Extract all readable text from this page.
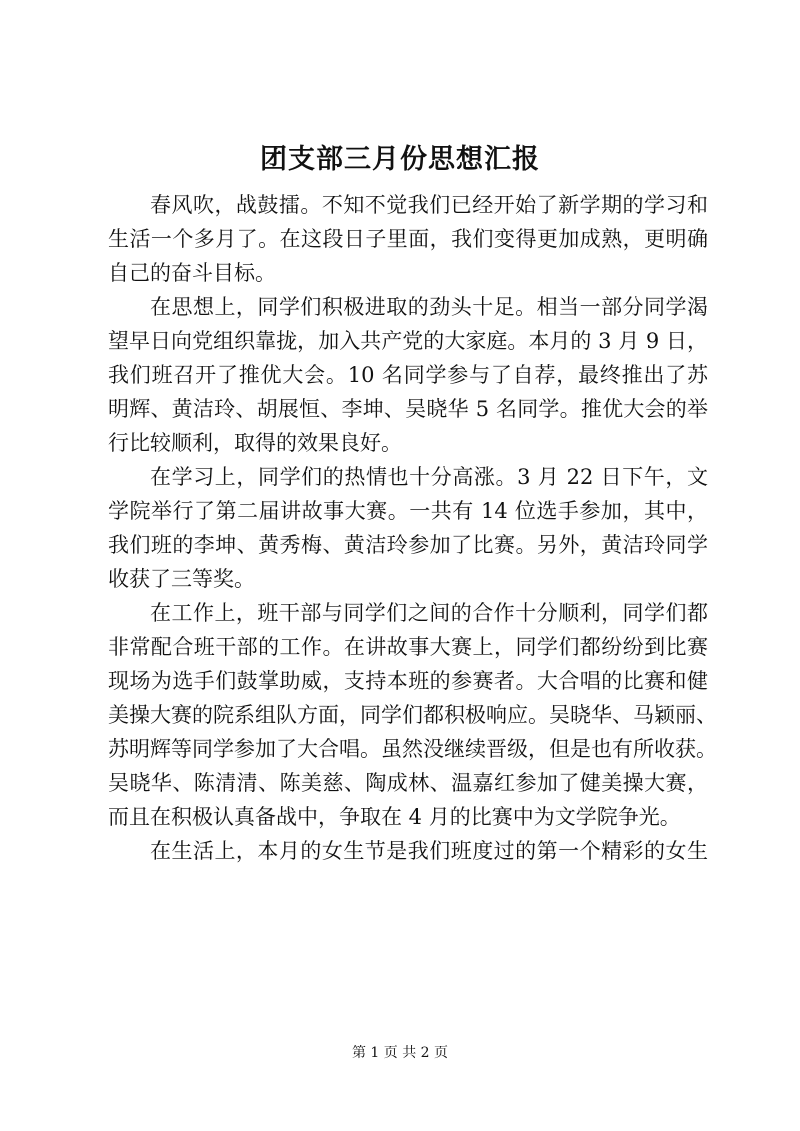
团支部三月份思想汇报
春风吹，战鼓擂。不知不觉我们已经开始了新学期的学习和
生活一个多月了。在这段日子里面，我们变得更加成熟，更明确
自己的奋斗目标。
在思想上，同学们积极进取的劲头十足。相当一部分同学渴
望早日向党组织靠拢，加入共产党的大家庭。本月的 3 月 9 日，
我们班召开了推优大会。10 名同学参与了自荐，最终推出了苏
明辉、黄洁玲、胡展恒、李坤、吴晓华 5 名同学。推优大会的举
行比较顺利，取得的效果良好。
在学习上，同学们的热情也十分高涨。3 月 22 日下午，文
学院举行了第二届讲故事大赛。一共有 14 位选手参加，其中，
我们班的李坤、黄秀梅、黄洁玲参加了比赛。另外，黄洁玲同学
收获了三等奖。
在工作上，班干部与同学们之间的合作十分顺利，同学们都
非常配合班干部的工作。在讲故事大赛上，同学们都纷纷到比赛
现场为选手们鼓掌助威，支持本班的参赛者。大合唱的比赛和健
美操大赛的院系组队方面，同学们都积极响应。吴晓华、马颖丽、
苏明辉等同学参加了大合唱。虽然没继续晋级，但是也有所收获。
吴晓华、陈清清、陈美慈、陶成林、温嘉红参加了健美操大赛，
而且在积极认真备战中，争取在 4 月的比赛中为文学院争光。
在生活上，本月的女生节是我们班度过的第一个精彩的女生
第 1 页 共 2 页
